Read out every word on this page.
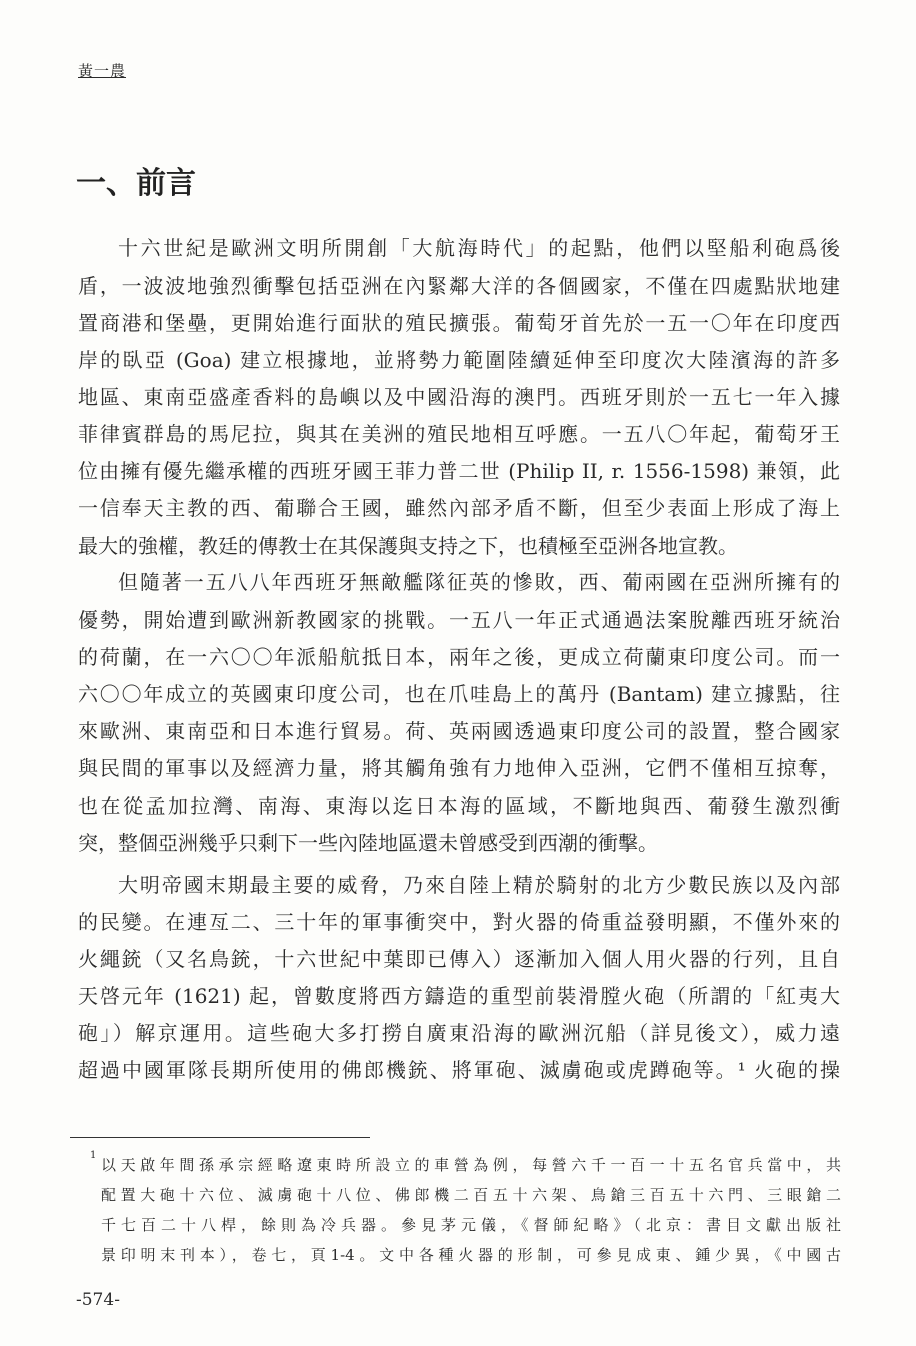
黃一農
一、前言
十六世紀是歐洲文明所開創「大航海時代」的起點，他們以堅船利砲爲後
盾，一波波地強烈衝擊包括亞洲在內緊鄰大洋的各個國家，不僅在四處點狀地建
置商港和堡壘，更開始進行面狀的殖民擴張。葡萄牙首先於一五一〇年在印度西
岸的臥亞 (Goa) 建立根據地，並將勢力範圍陸續延伸至印度次大陸濱海的許多
地區、東南亞盛產香料的島嶼以及中國沿海的澳門。西班牙則於一五七一年入據
菲律賓群島的馬尼拉，與其在美洲的殖民地相互呼應。一五八〇年起，葡萄牙王
位由擁有優先繼承權的西班牙國王菲力普二世 (Philip II, r. 1556-1598) 兼領，此
一信奉天主教的西、葡聯合王國，雖然內部矛盾不斷，但至少表面上形成了海上
最大的強權，教廷的傳教士在其保護與支持之下，也積極至亞洲各地宣教。
但隨著一五八八年西班牙無敵艦隊征英的慘敗，西、葡兩國在亞洲所擁有的
優勢，開始遭到歐洲新教國家的挑戰。一五八一年正式通過法案脫離西班牙統治
的荷蘭，在一六〇〇年派船航抵日本，兩年之後，更成立荷蘭東印度公司。而一
六〇〇年成立的英國東印度公司，也在爪哇島上的萬丹 (Bantam) 建立據點，往
來歐洲、東南亞和日本進行貿易。荷、英兩國透過東印度公司的設置，整合國家
與民間的軍事以及經濟力量，將其觸角強有力地伸入亞洲，它們不僅相互掠奪，
也在從孟加拉灣、南海、東海以迄日本海的區域，不斷地與西、葡發生激烈衝
突，整個亞洲幾乎只剩下一些內陸地區還未曾感受到西潮的衝擊。
大明帝國末期最主要的威脅，乃來自陸上精於騎射的北方少數民族以及內部
的民變。在連亙二、三十年的軍事衝突中，對火器的倚重益發明顯，不僅外來的
火繩銃（又名鳥銃，十六世紀中葉即已傳入）逐漸加入個人用火器的行列，且自
天啓元年 (1621) 起，曾數度將西方鑄造的重型前裝滑膛火砲（所謂的「紅夷大
砲」）解京運用。這些砲大多打撈自廣東沿海的歐洲沉船（詳見後文），威力遠
超過中國軍隊長期所使用的佛郎機銃、將軍砲、滅虜砲或虎蹲砲等。¹ 火砲的操
1
以天啟年間孫承宗經略遼東時所設立的車營為例，每營六千一百一十五名官兵當中，共
配置大砲十六位、滅虜砲十八位、佛郎機二百五十六架、鳥鎗三百五十六門、三眼鎗二
千七百二十八桿，餘則為冷兵器。參見茅元儀，《督師紀略》（北京：書目文獻出版社
景印明末刊本），卷七，頁1-4。文中各種火器的形制，可參見成東、鍾少異，《中國古
-574-
